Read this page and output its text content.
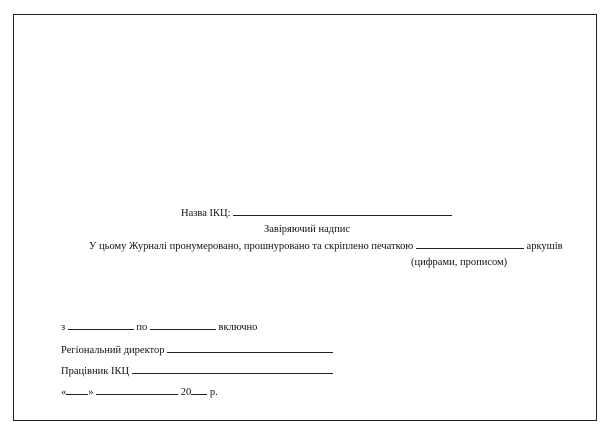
Назва ІКЦ:
Завіряючий надпис
У цьому Журналі пронумеровано, прошнуровано та скріплено печаткою	аркушів
(цифрами, прописом)
з	по	включно
Регіональний директор
Працівник ІКЦ
« »	20 р.
